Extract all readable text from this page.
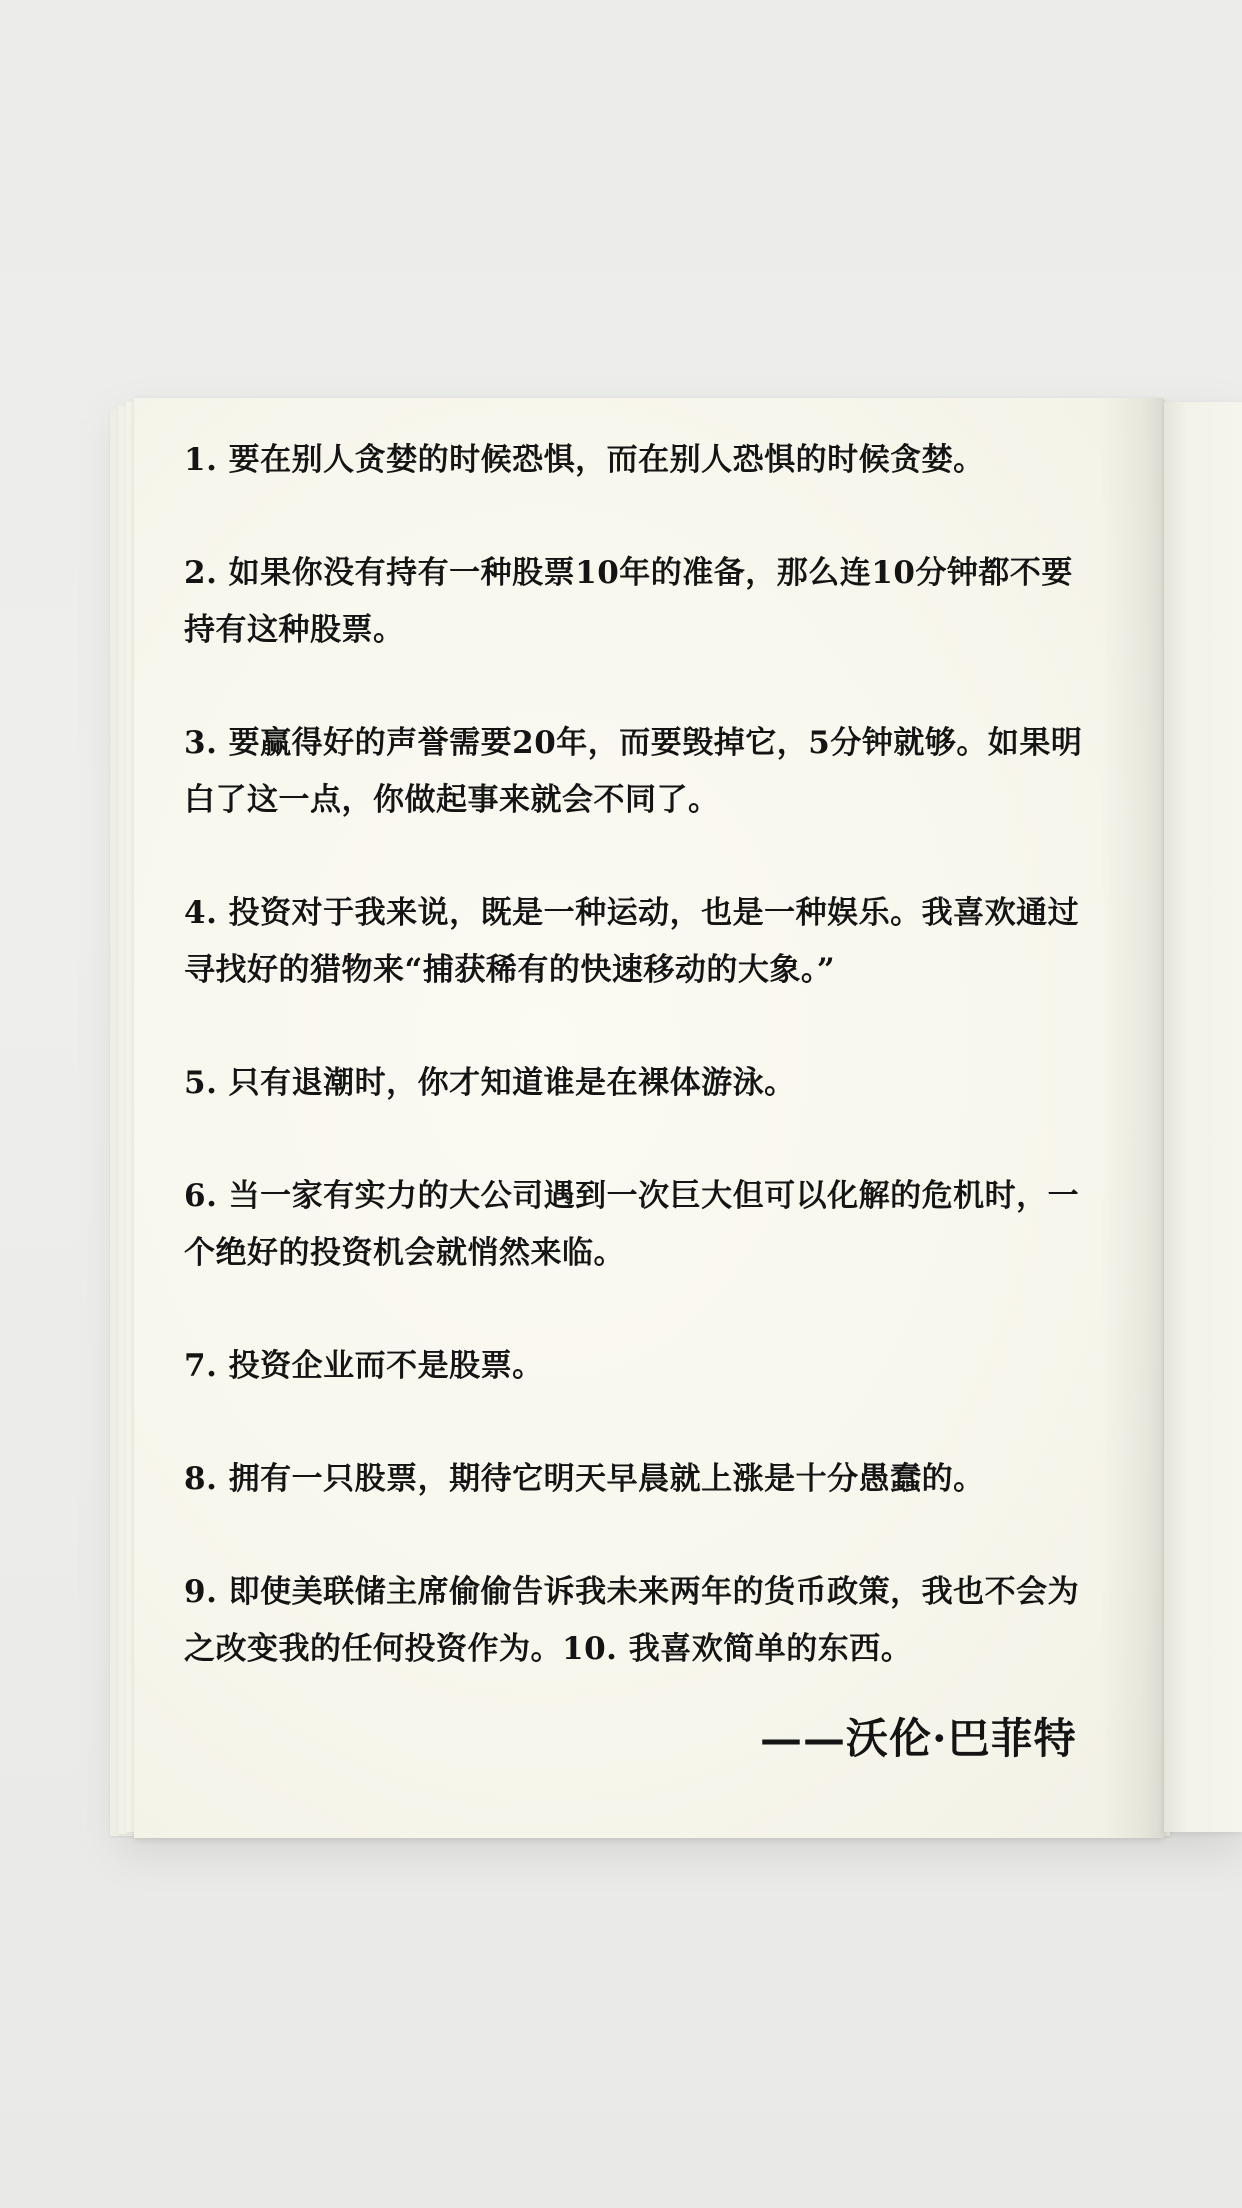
1. 要在别人贪婪的时候恐惧，而在别人恐惧的时候贪婪。

2. 如果你没有持有一种股票10年的准备，那么连10分钟都不要持有这种股票。

3. 要赢得好的声誉需要20年，而要毁掉它，5分钟就够。如果明白了这一点，你做起事来就会不同了。

4. 投资对于我来说，既是一种运动，也是一种娱乐。我喜欢通过寻找好的猎物来“捕获稀有的快速移动的大象。”

5. 只有退潮时，你才知道谁是在裸体游泳。

6. 当一家有实力的大公司遇到一次巨大但可以化解的危机时，一个绝好的投资机会就悄然来临。

7. 投资企业而不是股票。

8. 拥有一只股票，期待它明天早晨就上涨是十分愚蠢的。

9. 即使美联储主席偷偷告诉我未来两年的货币政策，我也不会为之改变我的任何投资作为。10. 我喜欢简单的东西。

——沃伦·巴菲特
